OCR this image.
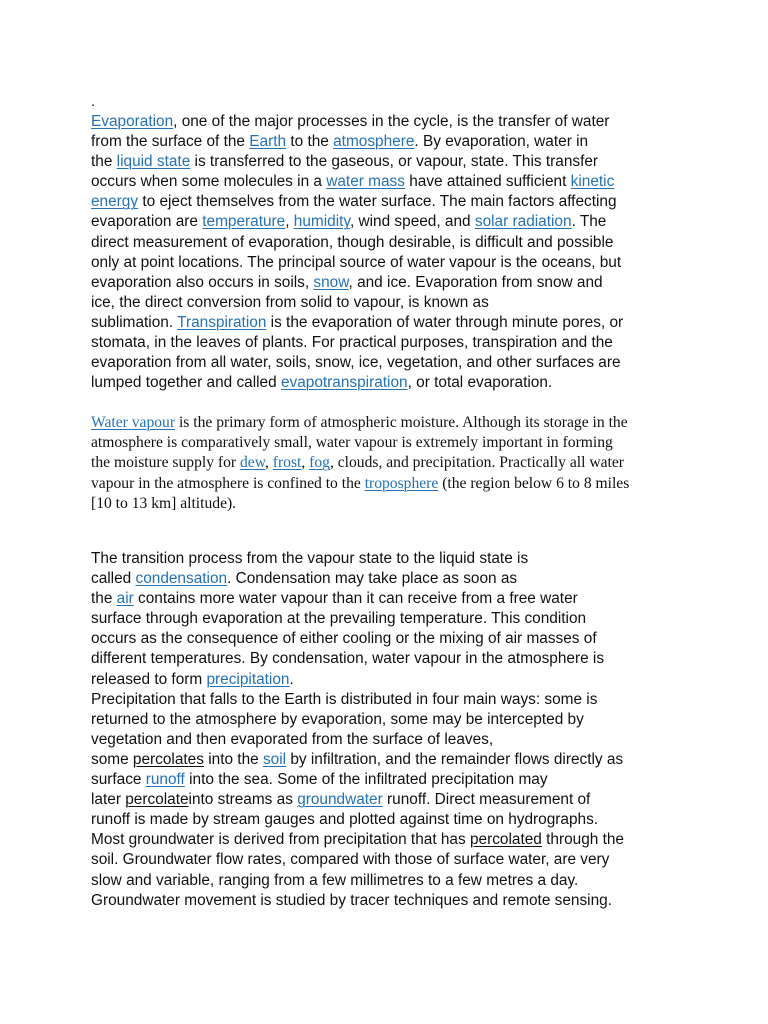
.

Evaporation, one of the major processes in the cycle, is the transfer of water
from the surface of the Earth to the atmosphere. By evaporation, water in
the liquid state is transferred to the gaseous, or vapour, state. This transfer
occurs when some molecules in a water mass have attained sufficient kinetic
energy to eject themselves from the water surface. The main factors affecting
evaporation are temperature, humidity, wind speed, and solar radiation. The
direct measurement of evaporation, though desirable, is difficult and possible
only at point locations. The principal source of water vapour is the oceans, but
evaporation also occurs in soils, snow, and ice. Evaporation from snow and
ice, the direct conversion from solid to vapour, is known as
sublimation. Transpiration is the evaporation of water through minute pores, or
stomata, in the leaves of plants. For practical purposes, transpiration and the
evaporation from all water, soils, snow, ice, vegetation, and other surfaces are
lumped together and called evapotranspiration, or total evaporation.

Water vapour is the primary form of atmospheric moisture. Although its storage in the
atmosphere is comparatively small, water vapour is extremely important in forming
the moisture supply for dew, frost, fog, clouds, and precipitation. Practically all water
vapour in the atmosphere is confined to the troposphere (the region below 6 to 8 miles
[10 to 13 km] altitude).

The transition process from the vapour state to the liquid state is
called condensation. Condensation may take place as soon as
the air contains more water vapour than it can receive from a free water
surface through evaporation at the prevailing temperature. This condition
occurs as the consequence of either cooling or the mixing of air masses of
different temperatures. By condensation, water vapour in the atmosphere is
released to form precipitation.
Precipitation that falls to the Earth is distributed in four main ways: some is
returned to the atmosphere by evaporation, some may be intercepted by
vegetation and then evaporated from the surface of leaves,
some percolates into the soil by infiltration, and the remainder flows directly as
surface runoff into the sea. Some of the infiltrated precipitation may
later percolateinto streams as groundwater runoff. Direct measurement of
runoff is made by stream gauges and plotted against time on hydrographs.
Most groundwater is derived from precipitation that has percolated through the
soil. Groundwater flow rates, compared with those of surface water, are very
slow and variable, ranging from a few millimetres to a few metres a day.
Groundwater movement is studied by tracer techniques and remote sensing.
